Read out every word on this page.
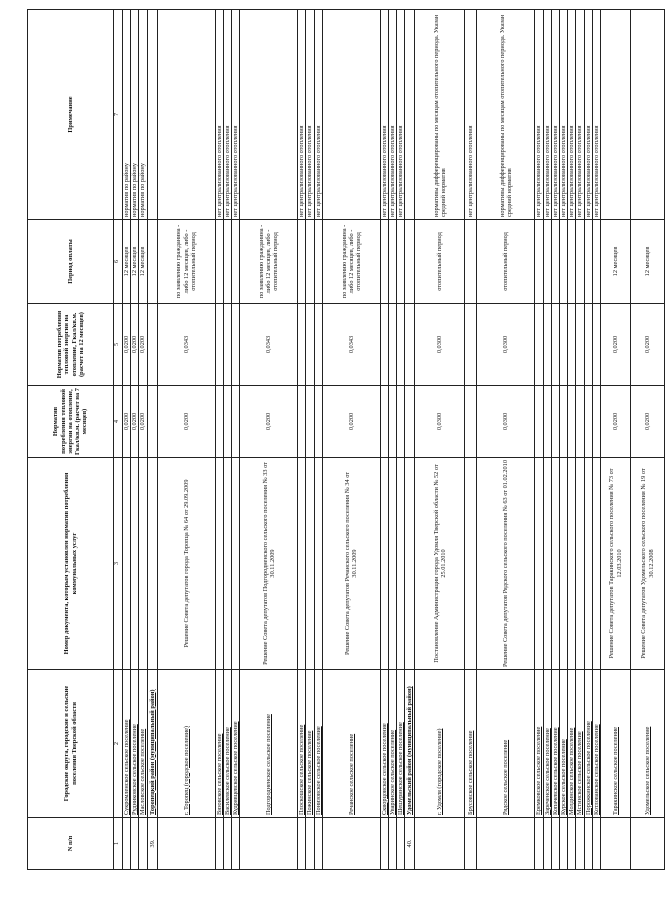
N п/п	Городские округа, городские и сельские поселения Тверской области	Номер документа, которым установлен норматив потребления коммунальных услуг	Норматив потребления тепловой энергии на отопление, Гкал/кв.м. (расчет на 7 месяцев)	Норматив потребления тепловой энергии на отопление, Гкал/кв.м. (расчет на 12 месяцев)	Период оплаты	Примечание
1	2	3	4	5	6	7
	Сукромленское сельское поселение		0,0200	0,0200	12 месяцев	норматив по району
	Рудниковское сельское поселение		0,0200	0,0200	12 месяцев	норматив по району
	Масловское сельское поселение		0,0200	0,0200	12 месяцев	норматив по району
39.	Торопецкий район (муниципальный район)					
	г. Торопец (городское поселение)	Решение Совета депутатов города Торопца № 64 от 29.09.2009	0,0200	0,0343	по заявлению гражданина - либо 12 месяцев, либо - отопительный период	
	Вязовское сельское поселение					нет централизованного отопления
	Василевское сельское поселение					нет централизованного отопления
	Кудрявцевское сельское поселение					нет централизованного отопления
	Подгородненское сельское поселение	Решение Совета депутатов Подгородненского сельского поселения № 33 от 30.11.2009	0,0200	0,0343	по заявлению гражданина - либо 12 месяцев, либо - отопительный период	
	Плоскошское сельское поселение					нет централизованного отопления
	Пожинское сельское поселение					нет централизованного отопления
	Понизовское сельское поселение					нет централизованного отопления
	Речанское сельское поселение	Решение Совета депутатов Речанского сельского поселения № 34 от 30.11.2009	0,0200	0,0343	по заявлению гражданина - либо 12 месяцев, либо - отопительный период	
	Скворцовское сельское поселение					нет централизованного отопления
	Уваринское сельское поселение					нет централизованного отопления
	Шешуринское сельское поселение					нет централизованного отопления
40.	Удомельский район (муниципальный район)					
	г. Удомля (городское поселение)	Постановление Администрации города Удомля Тверской области № 52 от 25.01.2010	0,0300	0,0300	отопительный период	нормативы дифференцированы по месяцам отопительного периода. Указан средний норматив
	Брусовское сельское поселение					нет централизованного отопления
	Рядское сельское поселение	Решение Совета депутатов Рядского сельского поселения № 63 от 01.02.2010	0,0300	0,0300	отопительный период	нормативы дифференцированы по месяцам отопительного периода. Указан средний норматив
	Еремковское сельское поселение					нет централизованного отопления
	Зареченское сельское поселение					нет централизованного отопления
	Копачевское сельское поселение					нет централизованного отопления
	Курское сельское поселение					нет централизованного отопления
	Молдинское сельское поселение					нет централизованного отопления
	Мстинское сельское поселение					нет централизованного отопления
	Порожкинское сельское поселение					нет централизованного отопления
	Котлованское сельское поселение					нет централизованного отопления
	Таракинское сельское поселение	Решение Совета депутатов Таракинского сельского поселения № 73 от 12.03.2010	0,0200	0,0200	12 месяцев	
	Удомельское сельское поселение	Решение Совета депутатов Удомельского сельского поселения № 19 от 30.12.2008	0,0200	0,0200	12 месяцев	
